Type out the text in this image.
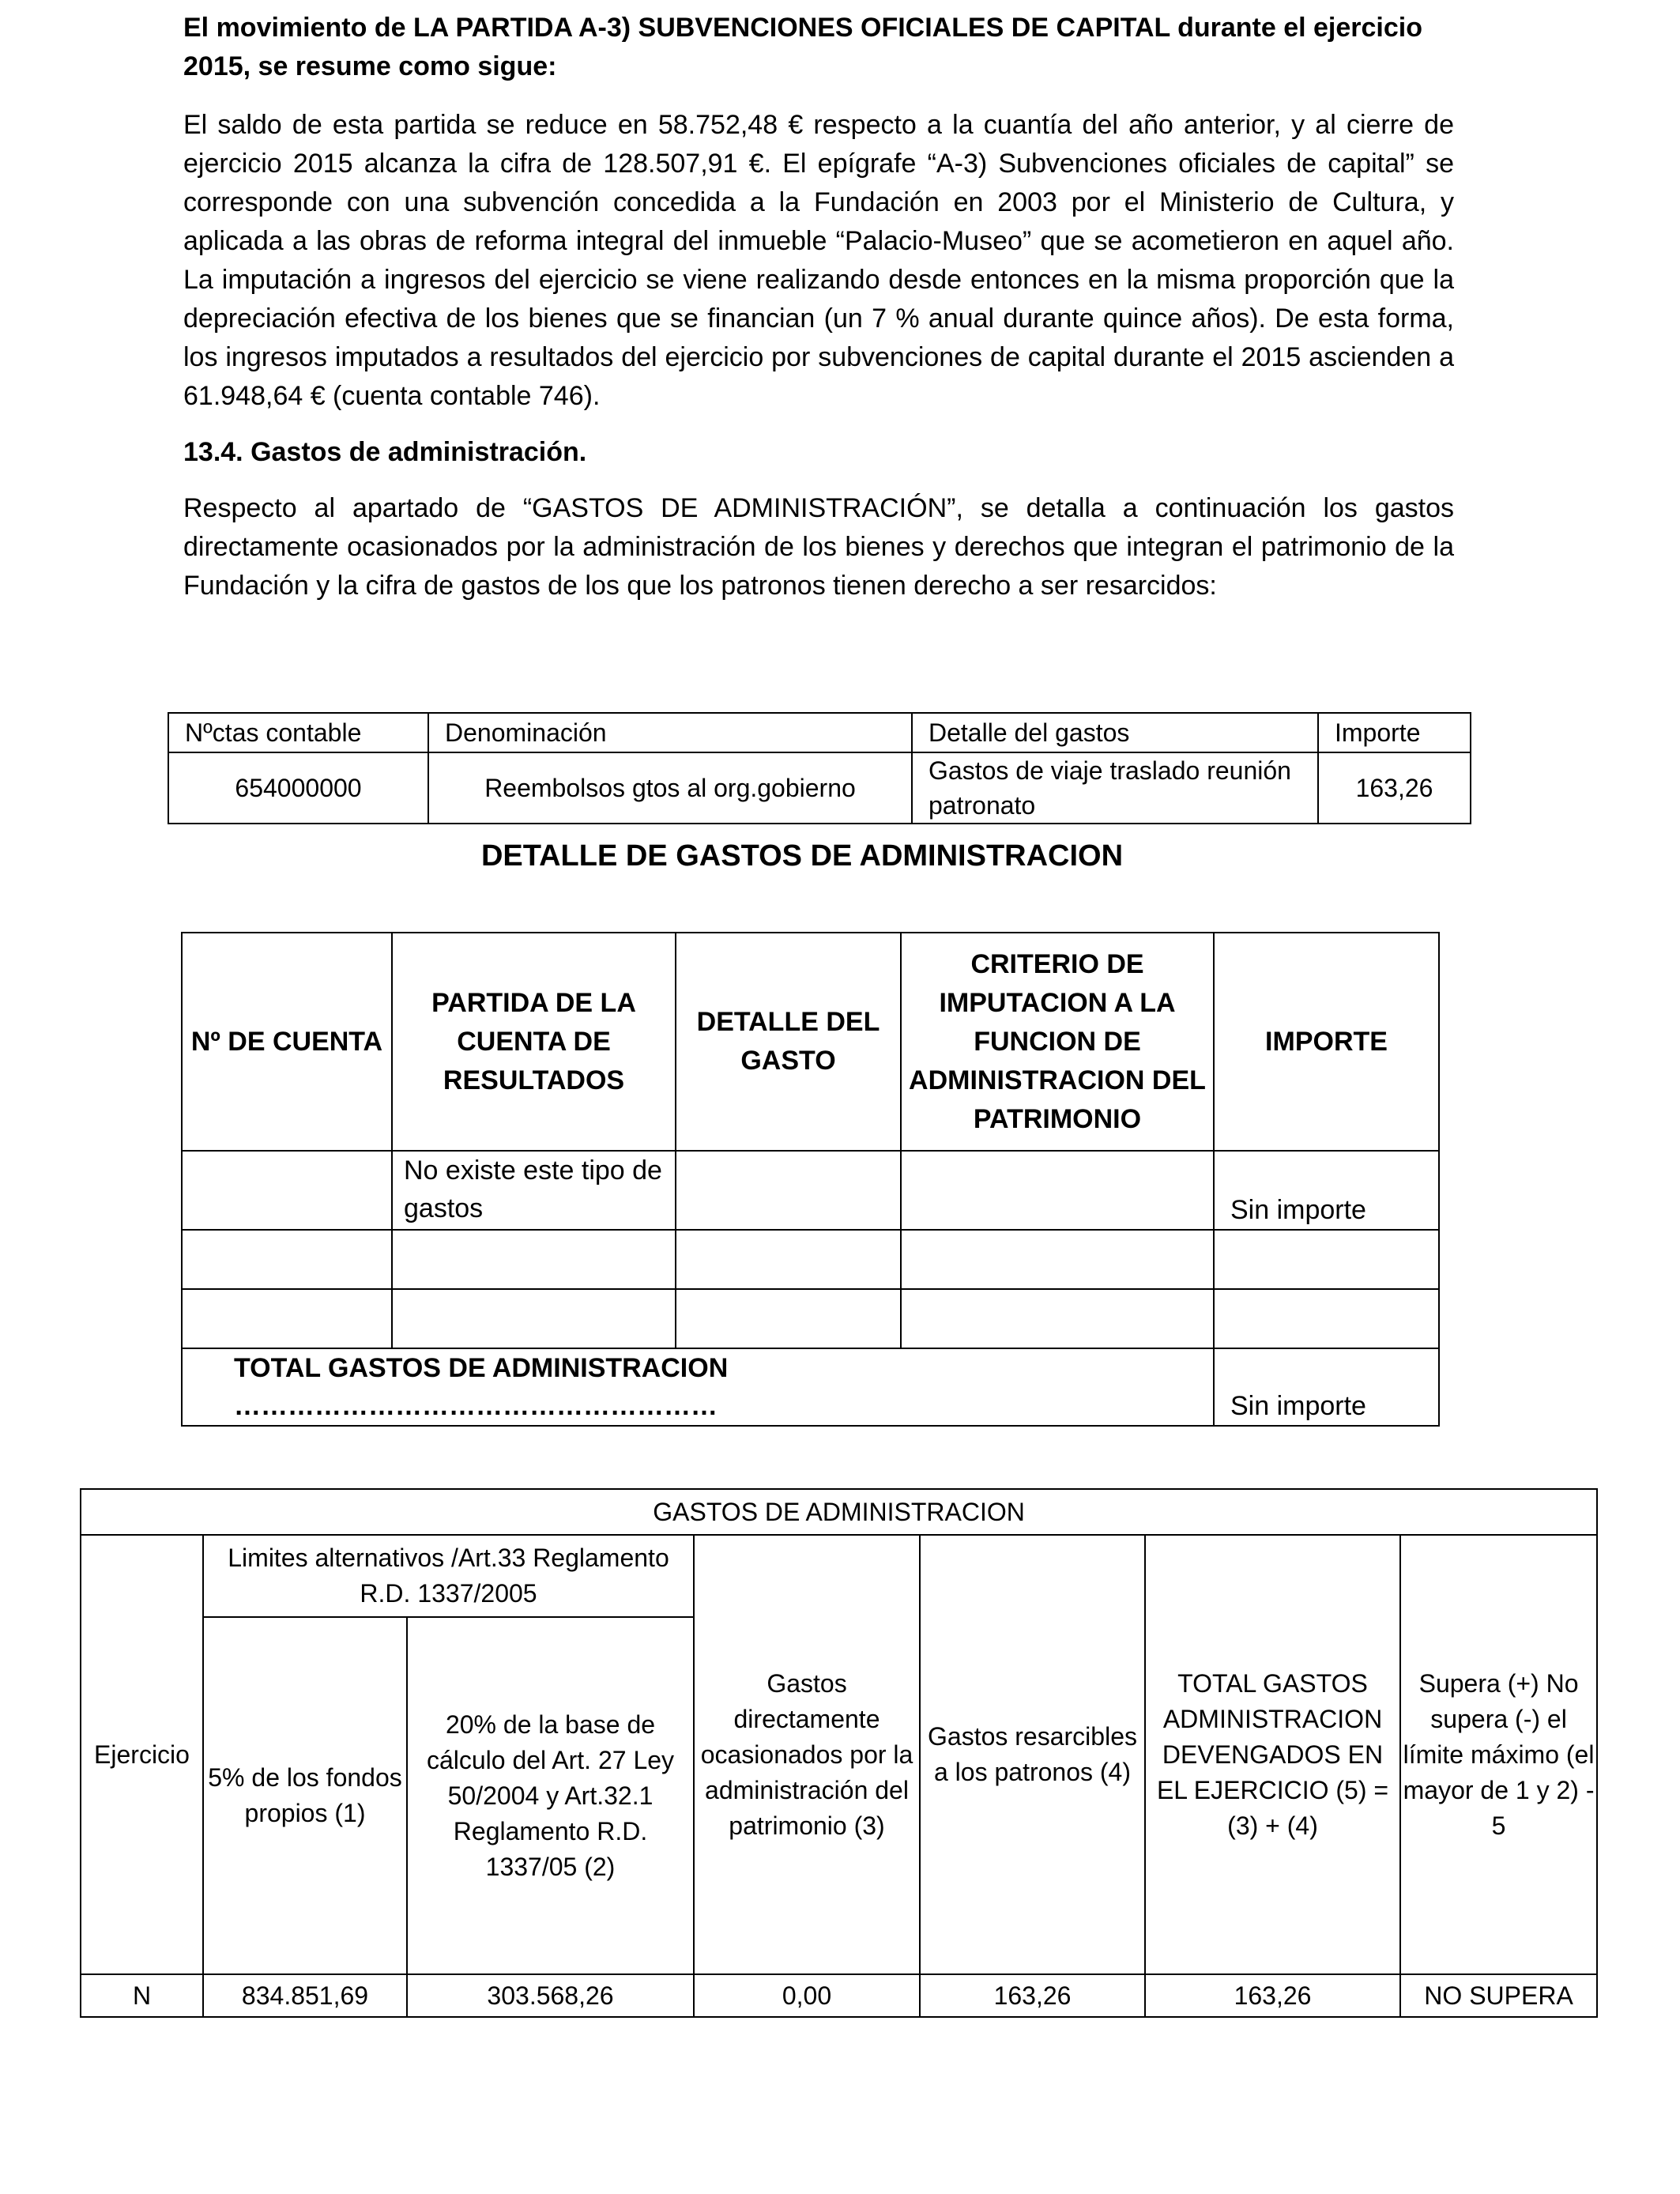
El movimiento de LA PARTIDA A-3) SUBVENCIONES OFICIALES DE CAPITAL durante el ejercicio 2015, se resume como sigue:

El saldo de esta partida se reduce en 58.752,48 € respecto a la cuantía del año anterior, y al cierre de ejercicio 2015 alcanza la cifra de 128.507,91 €. El epígrafe “A-3) Subvenciones oficiales de capital” se corresponde con una subvención concedida a la Fundación en 2003 por el Ministerio de Cultura, y aplicada a las obras de reforma integral del inmueble “Palacio-Museo” que se acometieron en aquel año. La imputación a ingresos del ejercicio se viene realizando desde entonces en la misma proporción que la depreciación efectiva de los bienes que se financian (un 7 % anual durante quince años). De esta forma, los ingresos imputados a resultados del ejercicio por subvenciones de capital durante el 2015 ascienden a 61.948,64 € (cuenta contable 746).

13.4. Gastos de administración.

Respecto al apartado de “GASTOS DE ADMINISTRACIÓN”, se detalla a continuación los gastos directamente ocasionados por la administración de los bienes y derechos que integran el patrimonio de la Fundación y la cifra de gastos de los que los patronos tienen derecho a ser resarcidos:

Nºctas contable	Denominación	Detalle del gastos	Importe
654000000	Reembolsos gtos al org.gobierno	Gastos de viaje traslado reunión patronato	163,26
DETALLE DE GASTOS DE ADMINISTRACION
Nº DE CUENTA	PARTIDA DE LA CUENTA DE RESULTADOS	DETALLE DEL GASTO	CRITERIO DE IMPUTACION A LA FUNCION DE ADMINISTRACION DEL PATRIMONIO	IMPORTE
	No existe este tipo de gastos			Sin importe

TOTAL GASTOS DE ADMINISTRACION ………………………………………………				Sin importe
GASTOS DE ADMINISTRACION						
Ejercicio	Limites alternativos /Art.33 Reglamento R.D. 1337/2005		Gastos directamente ocasionados por la administración del patrimonio (3)	Gastos resarcibles a los patronos (4)	TOTAL GASTOS ADMINISTRACION DEVENGADOS EN EL EJERCICIO (5) = (3) + (4)	Supera (+) No supera (-) el límite máximo (el mayor de 1 y 2) - 5
	5% de los fondos propios (1)	20% de la base de cálculo del Art. 27 Ley 50/2004 y Art.32.1 Reglamento R.D. 1337/05 (2)				
N	834.851,69	303.568,26	0,00	163,26	163,26	NO SUPERA
